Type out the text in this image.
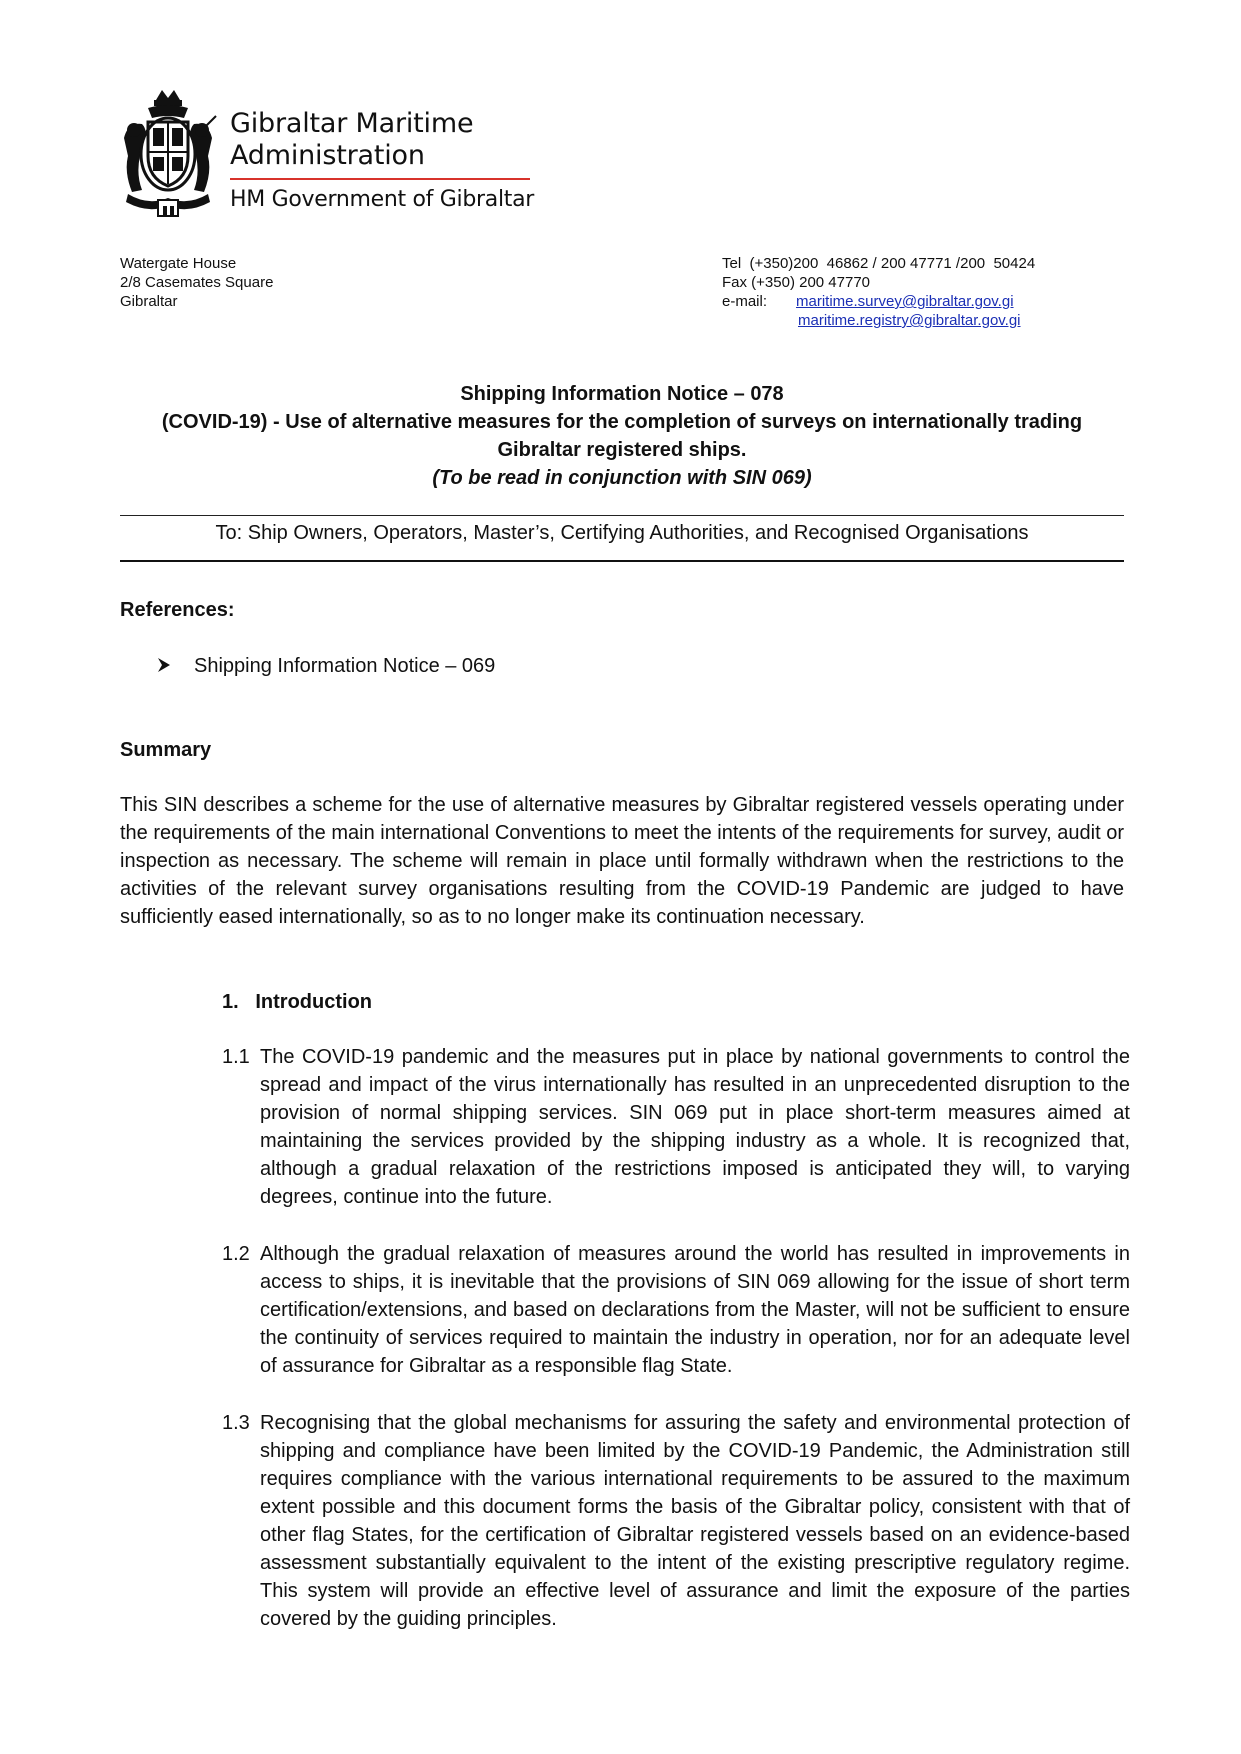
Gibraltar Maritime
Administration
HM Government of Gibraltar
Watergate House
2/8 Casemates Square
Gibraltar
Tel  (+350)200  46862 / 200 47771 /200  50424
Fax (+350) 200 47770
e-mail:	maritime.survey@gibraltar.gov.gi
maritime.registry@gibraltar.gov.gi
Shipping Information Notice – 078
(COVID-19) - Use of alternative measures for the completion of surveys on internationally trading
Gibraltar registered ships.
(To be read in conjunction with SIN 069)
To: Ship Owners, Operators, Master’s, Certifying Authorities, and Recognised Organisations
References:
Shipping Information Notice – 069
Summary
This SIN describes a scheme for the use of alternative measures by Gibraltar registered vessels operating under the requirements of the main international Conventions to meet the intents of the requirements for survey, audit or inspection as necessary. The scheme will remain in place until formally withdrawn when the restrictions to the activities of the relevant survey organisations resulting from the COVID-19 Pandemic are judged to have sufficiently eased internationally, so as to no longer make its continuation necessary.
1. Introduction
1.1 The COVID-19 pandemic and the measures put in place by national governments to control the spread and impact of the virus internationally has resulted in an unprecedented disruption to the provision of normal shipping services. SIN 069 put in place short-term measures aimed at maintaining the services provided by the shipping industry as a whole. It is recognized that, although a gradual relaxation of the restrictions imposed is anticipated they will, to varying degrees, continue into the future.
1.2 Although the gradual relaxation of measures around the world has resulted in improvements in access to ships, it is inevitable that the provisions of SIN 069 allowing for the issue of short term certification/extensions, and based on declarations from the Master, will not be sufficient to ensure the continuity of services required to maintain the industry in operation, nor for an adequate level of assurance for Gibraltar as a responsible flag State.
1.3 Recognising that the global mechanisms for assuring the safety and environmental protection of shipping and compliance have been limited by the COVID-19 Pandemic, the Administration still requires compliance with the various international requirements to be assured to the maximum extent possible and this document forms the basis of the Gibraltar policy, consistent with that of other flag States, for the certification of Gibraltar registered vessels based on an evidence-based assessment substantially equivalent to the intent of the existing prescriptive regulatory regime. This system will provide an effective level of assurance and limit the exposure of the parties covered by the guiding principles.
